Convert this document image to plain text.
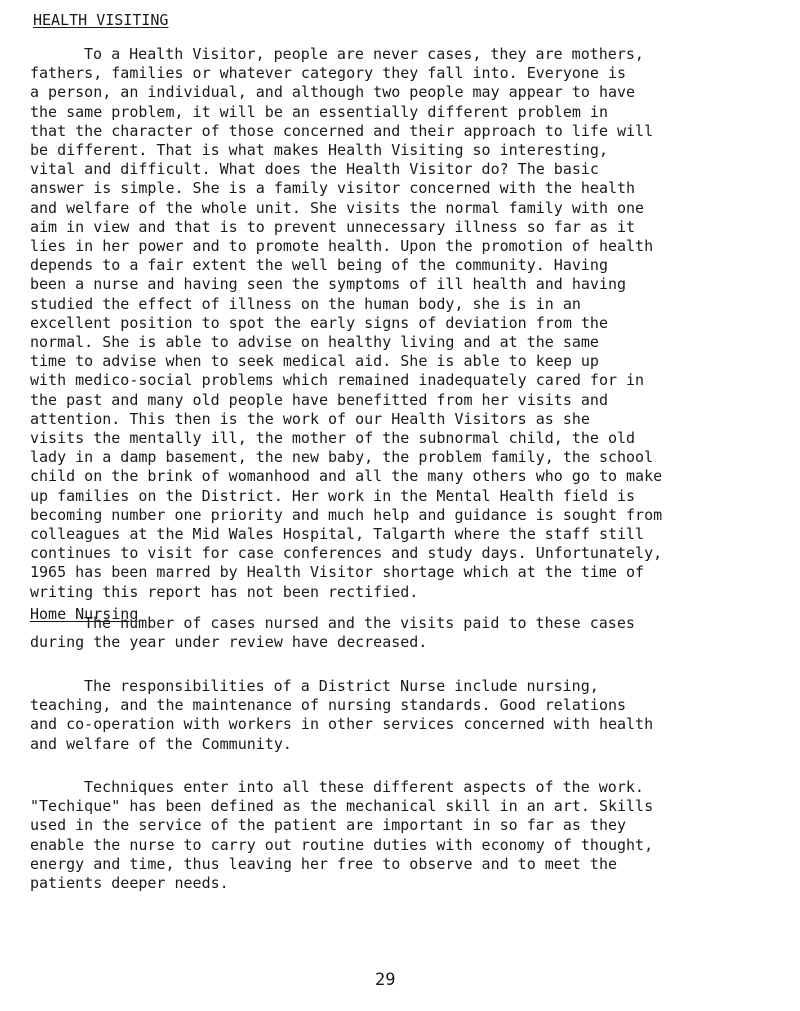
HEALTH VISITING
To a Health Visitor, people are never cases, they are mothers,
fathers, families or whatever category they fall into. Everyone is
a person, an individual, and although two people may appear to have
the same problem, it will be an essentially different problem in
that the character of those concerned and their approach to life will
be different. That is what makes Health Visiting so interesting,
vital and difficult. What does the Health Visitor do? The basic
answer is simple. She is a family visitor concerned with the health
and welfare of the whole unit. She visits the normal family with one
aim in view and that is to prevent unnecessary illness so far as it
lies in her power and to promote health. Upon the promotion of health
depends to a fair extent the well being of the community. Having
been a nurse and having seen the symptoms of ill health and having
studied the effect of illness on the human body, she is in an
excellent position to spot the early signs of deviation from the
normal. She is able to advise on healthy living and at the same
time to advise when to seek medical aid. She is able to keep up
with medico-social problems which remained inadequately cared for in
the past and many old people have benefitted from her visits and
attention. This then is the work of our Health Visitors as she
visits the mentally ill, the mother of the subnormal child, the old
lady in a damp basement, the new baby, the problem family, the school
child on the brink of womanhood and all the many others who go to make
up families on the District. Her work in the Mental Health field is
becoming number one priority and much help and guidance is sought from
colleagues at the Mid Wales Hospital, Talgarth where the staff still
continues to visit for case conferences and study days. Unfortunately,
1965 has been marred by Health Visitor shortage which at the time of
writing this report has not been rectified.
Home Nursing
The number of cases nursed and the visits paid to these cases
during the year under review have decreased.
The responsibilities of a District Nurse include nursing,
teaching, and the maintenance of nursing standards. Good relations
and co-operation with workers in other services concerned with health
and welfare of the Community.
Techniques enter into all these different aspects of the work.
"Techique" has been defined as the mechanical skill in an art. Skills
used in the service of the patient are important in so far as they
enable the nurse to carry out routine duties with economy of thought,
energy and time, thus leaving her free to observe and to meet the
patients deeper needs.
29
